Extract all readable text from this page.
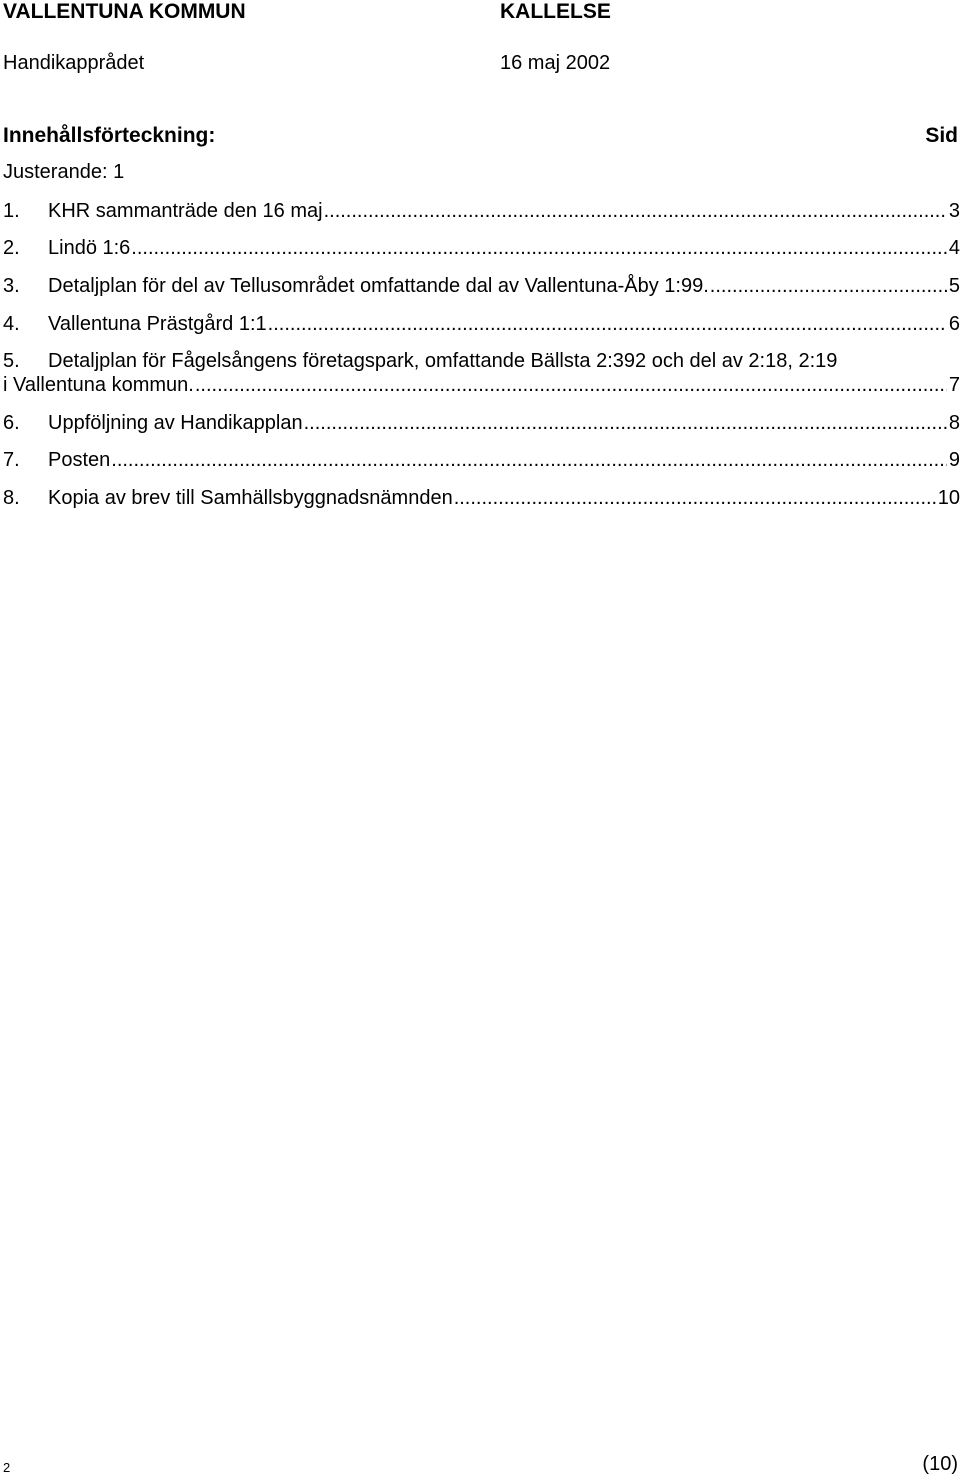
VALLENTUNA KOMMUN	KALLELSE
Handikapprådet	16 maj 2002
Innehållsförteckning:	Sid
Justerande: 1
1.	KHR sammanträde den 16 maj .....	3
2.	Lindö 1:6 .....	4
3.	Detaljplan för del av Tellusområdet omfattande dal av Vallentuna-Åby 1:99. .....	5
4.	Vallentuna Prästgård 1:1 .....	6
5. Detaljplan för Fågelsångens företagspark, omfattande Bällsta 2:392 och del av 2:18, 2:19
i Vallentuna kommun. .....	7
6.	Uppföljning av Handikapplan .....	8
7.	Posten .....	9
8.	Kopia av brev till Samhällsbyggnadsnämnden .....	10
2	(10)
